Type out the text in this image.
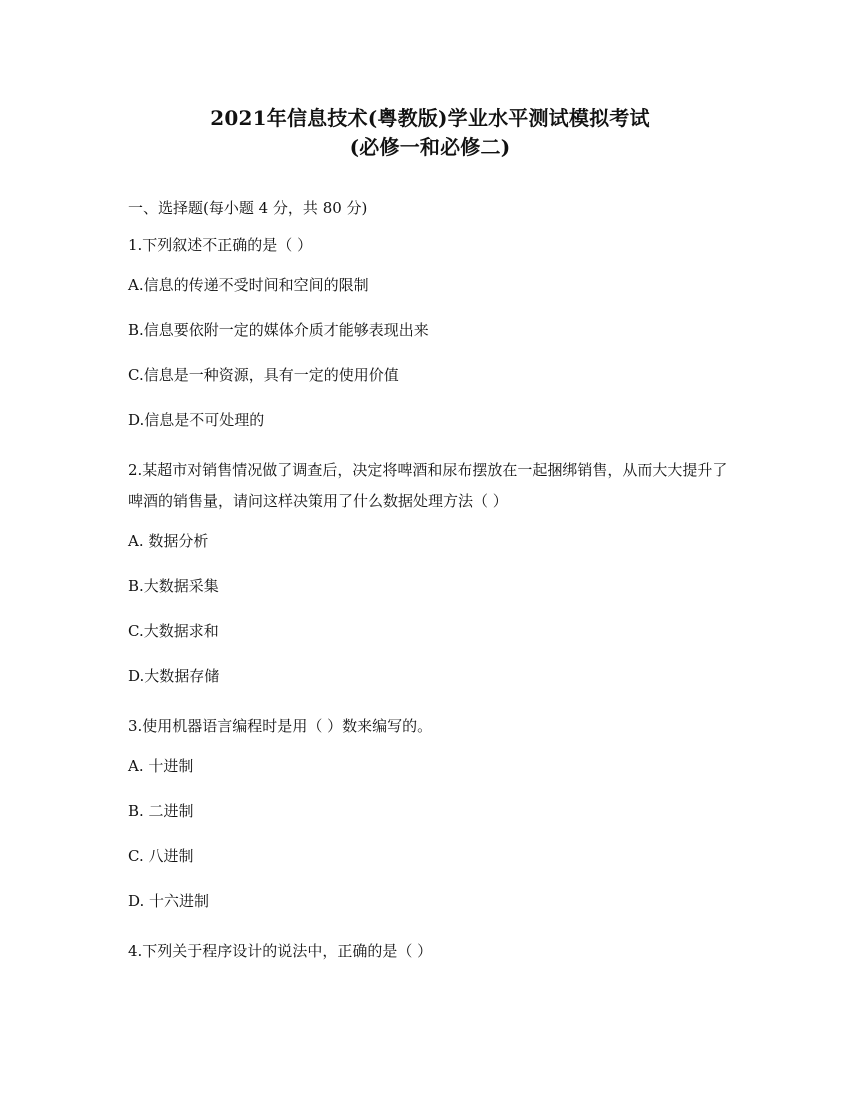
2021年信息技术(粤教版)学业水平测试模拟考试
(必修一和必修二)
一、选择题(每小题 4 分，共 80 分)
1.下列叙述不正确的是（ ）
A.信息的传递不受时间和空间的限制
B.信息要依附一定的媒体介质才能够表现出来
C.信息是一种资源，具有一定的使用价值
D.信息是不可处理的
2.某超市对销售情况做了调查后，决定将啤酒和尿布摆放在一起捆绑销售，从而大大提升了啤酒的销售量，请问这样决策用了什么数据处理方法（ ）
A. 数据分析
B.大数据采集
C.大数据求和
D.大数据存储
3.使用机器语言编程时是用（ ）数来编写的。
A. 十进制
B. 二进制
C. 八进制
D. 十六进制
4.下列关于程序设计的说法中，正确的是（ ）
